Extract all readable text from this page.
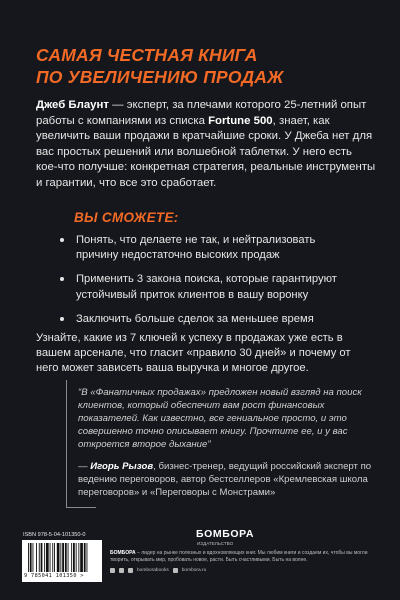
САМАЯ ЧЕСТНАЯ КНИГА
ПО УВЕЛИЧЕНИЮ ПРОДАЖ
Джеб Блаунт — эксперт, за плечами которого 25-летний опыт работы с компаниями из списка Fortune 500, знает, как увеличить ваши продажи в кратчайшие сроки. У Джеба нет для вас простых решений или волшебной таблетки. У него есть кое-что получше: конкретная стратегия, реальные инструменты и гарантии, что все это сработает.
ВЫ СМОЖЕТЕ:
Понять, что делаете не так, и нейтрализовать причину недостаточно высоких продаж
Применить 3 закона поиска, которые гарантируют устойчивый приток клиентов в вашу воронку
Заключить больше сделок за меньшее время
Узнайте, какие из 7 ключей к успеху в продажах уже есть в вашем арсенале, что гласит «правило 30 дней» и почему от него может зависеть ваша выручка и многое другое.
“В «Фанатичных продажах» предложен новый взгляд на поиск клиентов, который обеспечит вам рост финансовых показателей. Как известно, все гениальное просто, и это совершенно точно описывает книгу. Прочтите ее, и у вас откроется второе дыхание”
— Игорь Рызов, бизнес-тренер, ведущий российский эксперт по ведению переговоров, автор бестселлеров «Кремлевская школа переговоров» и «Переговоры с Монстрами»
ISBN 978-5-04-101350-0
9 785041 101350 >
БОМБОРА
ИЗДАТЕЛЬСТВО
БОМБОРА – лидер на рынке полезных и вдохновляющих книг. Мы любим книги и создаем их, чтобы вы могли творить, открывать мир, пробовать новое, расти. Быть счастливыми. Быть на волне.
bomborabooks	bombora.ru
